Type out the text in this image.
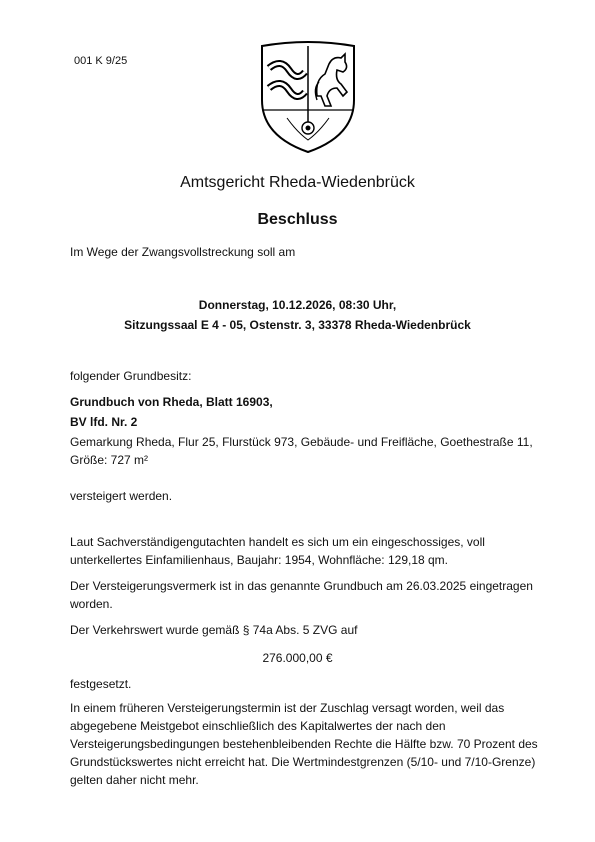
001 K 9/25
Amtsgericht Rheda-Wiedenbrück
Beschluss
Im Wege der Zwangsvollstreckung soll am
Donnerstag, 10.12.2026, 08:30 Uhr,
Sitzungssaal E 4 - 05, Ostenstr. 3, 33378 Rheda-Wiedenbrück
folgender Grundbesitz:
Grundbuch von Rheda, Blatt 16903,
BV lfd. Nr. 2
Gemarkung Rheda, Flur 25, Flurstück 973, Gebäude- und Freifläche, Goethestraße 11, Größe: 727 m²
versteigert werden.
Laut Sachverständigengutachten handelt es sich um ein eingeschossiges, voll unterkellertes Einfamilienhaus, Baujahr: 1954, Wohnfläche: 129,18 qm.
Der Versteigerungsvermerk ist in das genannte Grundbuch am 26.03.2025 eingetragen worden.
Der Verkehrswert wurde gemäß § 74a Abs. 5 ZVG auf
276.000,00 €
festgesetzt.
In einem früheren Versteigerungstermin ist der Zuschlag versagt worden, weil das abgegebene Meistgebot einschließlich des Kapitalwertes der nach den Versteigerungsbedingungen bestehenbleibenden Rechte die Hälfte bzw. 70 Prozent des Grundstückswertes nicht erreicht hat. Die Wertmindestgrenzen (5/10- und 7/10-Grenze) gelten daher nicht mehr.
